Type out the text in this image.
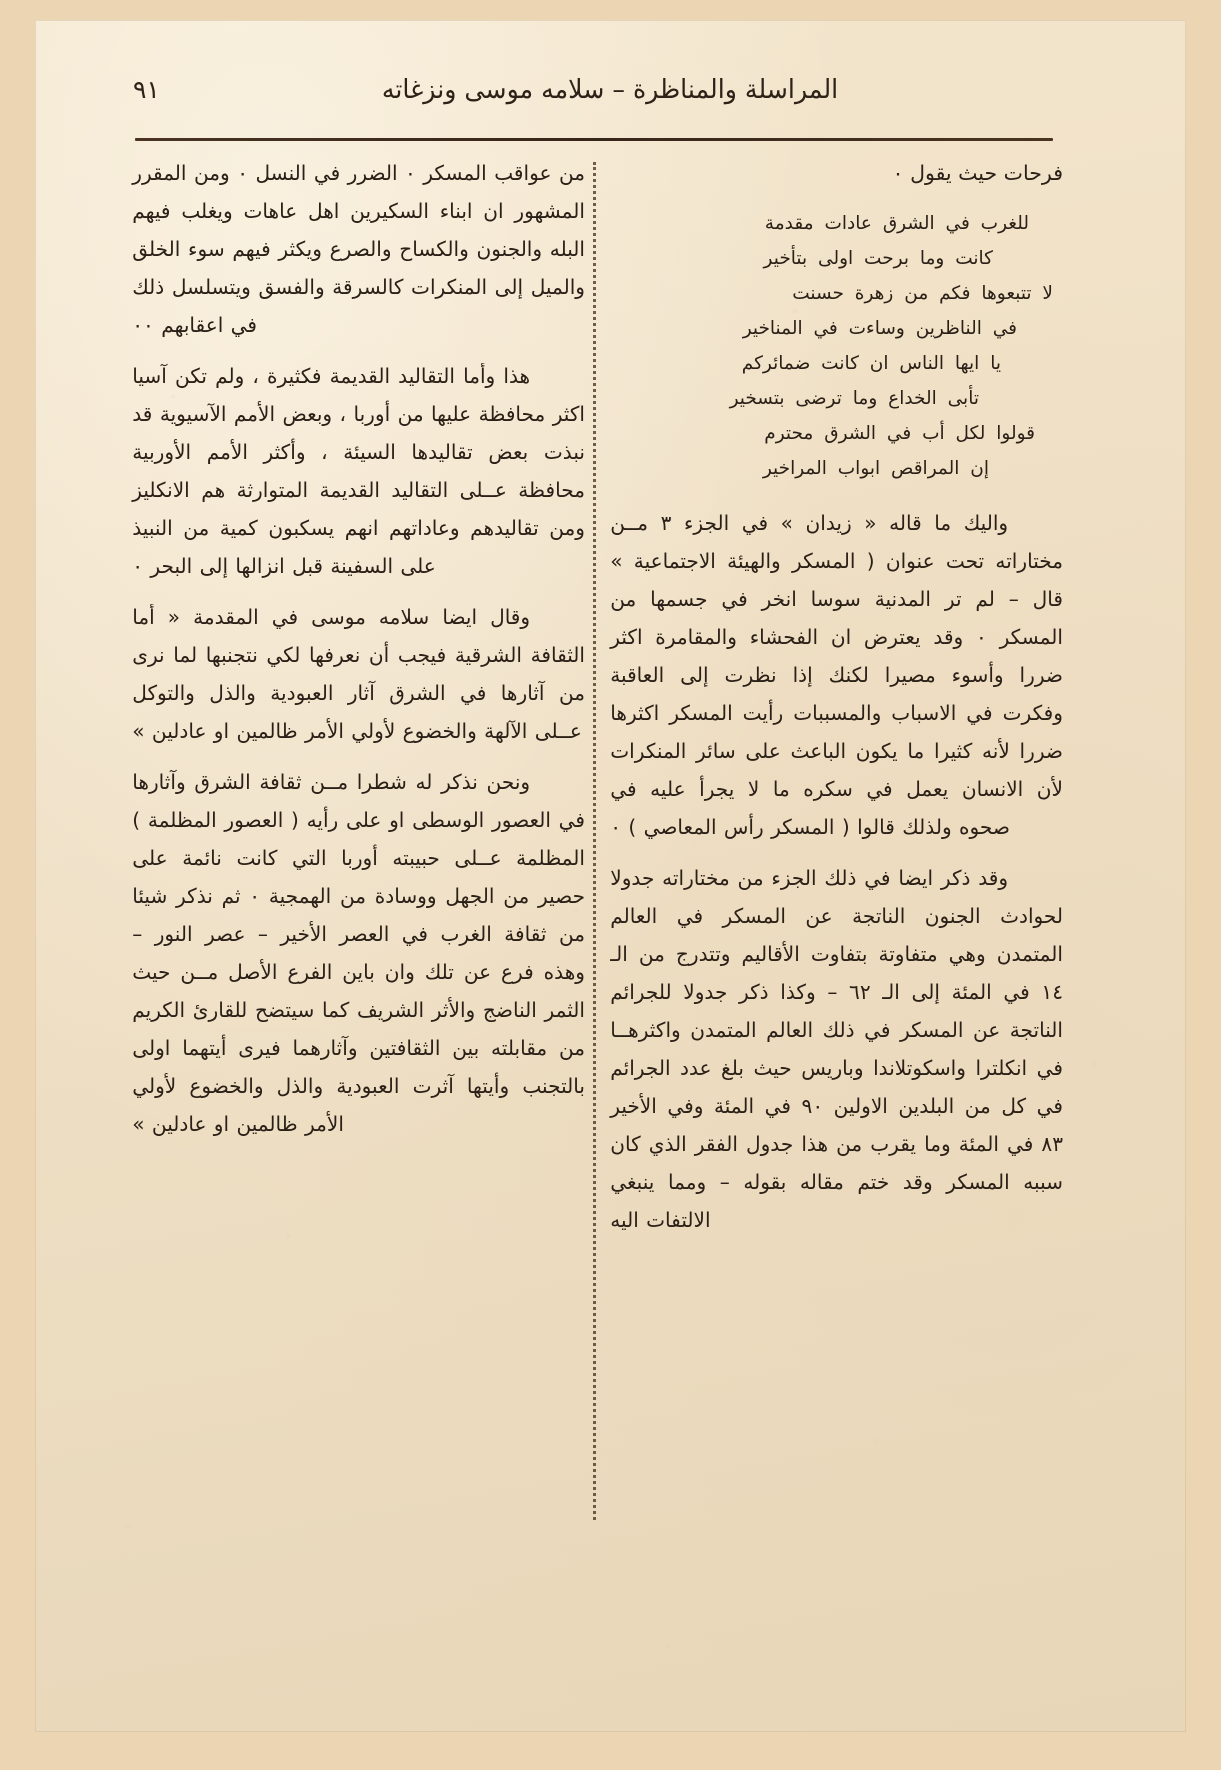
المراسلة والمناظرة – سلامه موسى ونزغاته
٩١
فرحات حيث يقول ٠
للغرب في الشرق عادات مقدمة
كانت وما برحت اولى بتأخير
لا تتبعوها فكم من زهرة حسنت
في الناظرين وساءت في المناخير
يا ايها الناس ان كانت ضمائركم
تأبى الخداع وما ترضى بتسخير
قولوا لكل أب في الشرق محترم
إن المراقص ابواب المراخير

واليك ما قاله « زيدان » في الجزء ٣ مــن مختاراته تحت عنوان ( المسكر والهيئة الاجتماعية » قال – لم تر المدنية سوسا انخر في جسمها من المسكر ٠ وقد يعترض ان الفحشاء والمقامرة اكثر ضررا وأسوء مصيرا لكنك إذا نظرت إلى العاقبة وفكرت في الاسباب والمسببات رأيت المسكر اكثرها ضررا لأنه كثيرا ما يكون الباعث على سائر المنكرات لأن الانسان يعمل في سكره ما لا يجرأ عليه في صحوه ولذلك قالوا ( المسكر رأس المعاصي ) ٠

وقد ذكر ايضا في ذلك الجزء من مختاراته جدولا لحوادث الجنون الناتجة عن المسكر في العالم المتمدن وهي متفاوتة بتفاوت الأقاليم وتتدرج من الـ ١٤ في المئة إلى الـ ٦٢ – وكذا ذكر جدولا للجرائم الناتجة عن المسكر في ذلك العالم المتمدن واكثرهــا في انكلترا واسكوتلاندا وباريس حيث بلغ عدد الجرائم في كل من البلدين الاولين ٩٠ في المئة وفي الأخير ٨٣ في المئة وما يقرب من هذا جدول الفقر الذي كان سببه المسكر وقد ختم مقاله بقوله – ومما ينبغي الالتفات اليه

من عواقب المسكر ٠ الضرر في النسل ٠ ومن المقرر المشهور ان ابناء السكيرين اهل عاهات ويغلب فيهم البله والجنون والكساح والصرع ويكثر فيهم سوء الخلق والميل إلى المنكرات كالسرقة والفسق ويتسلسل ذلك في اعقابهم ٠٠

هذا وأما التقاليد القديمة فكثيرة ، ولم تكن آسيا اكثر محافظة عليها من أوربا ، وبعض الأمم الآسيوية قد نبذت بعض تقاليدها السيئة ، وأكثر الأمم الأوربية محافظة عــلى التقاليد القديمة المتوارثة هم الانكليز ومن تقاليدهم وعاداتهم انهم يسكبون كمية من النبيذ على السفينة قبل انزالها إلى البحر ٠

وقال ايضا سلامه موسى في المقدمة « أما الثقافة الشرقية فيجب أن نعرفها لكي نتجنبها لما نرى من آثارها في الشرق آثار العبودية والذل والتوكل عــلى الآلهة والخضوع لأولي الأمر ظالمين او عادلين »

ونحن نذكر له شطرا مــن ثقافة الشرق وآثارها في العصور الوسطى او على رأيه ( العصور المظلمة ) المظلمة عــلى حبيبته أوربا التي كانت نائمة على حصير من الجهل ووسادة من الهمجية ٠ ثم نذكر شيئا من ثقافة الغرب في العصر الأخير – عصر النور – وهذه فرع عن تلك وان باين الفرع الأصل مــن حيث الثمر الناضج والأثر الشريف كما سيتضح للقارئ الكريم من مقابلته بين الثقافتين وآثارهما فيرى أيتهما اولى بالتجنب وأيتها آثرت العبودية والذل والخضوع لأولي الأمر ظالمين او عادلين »
